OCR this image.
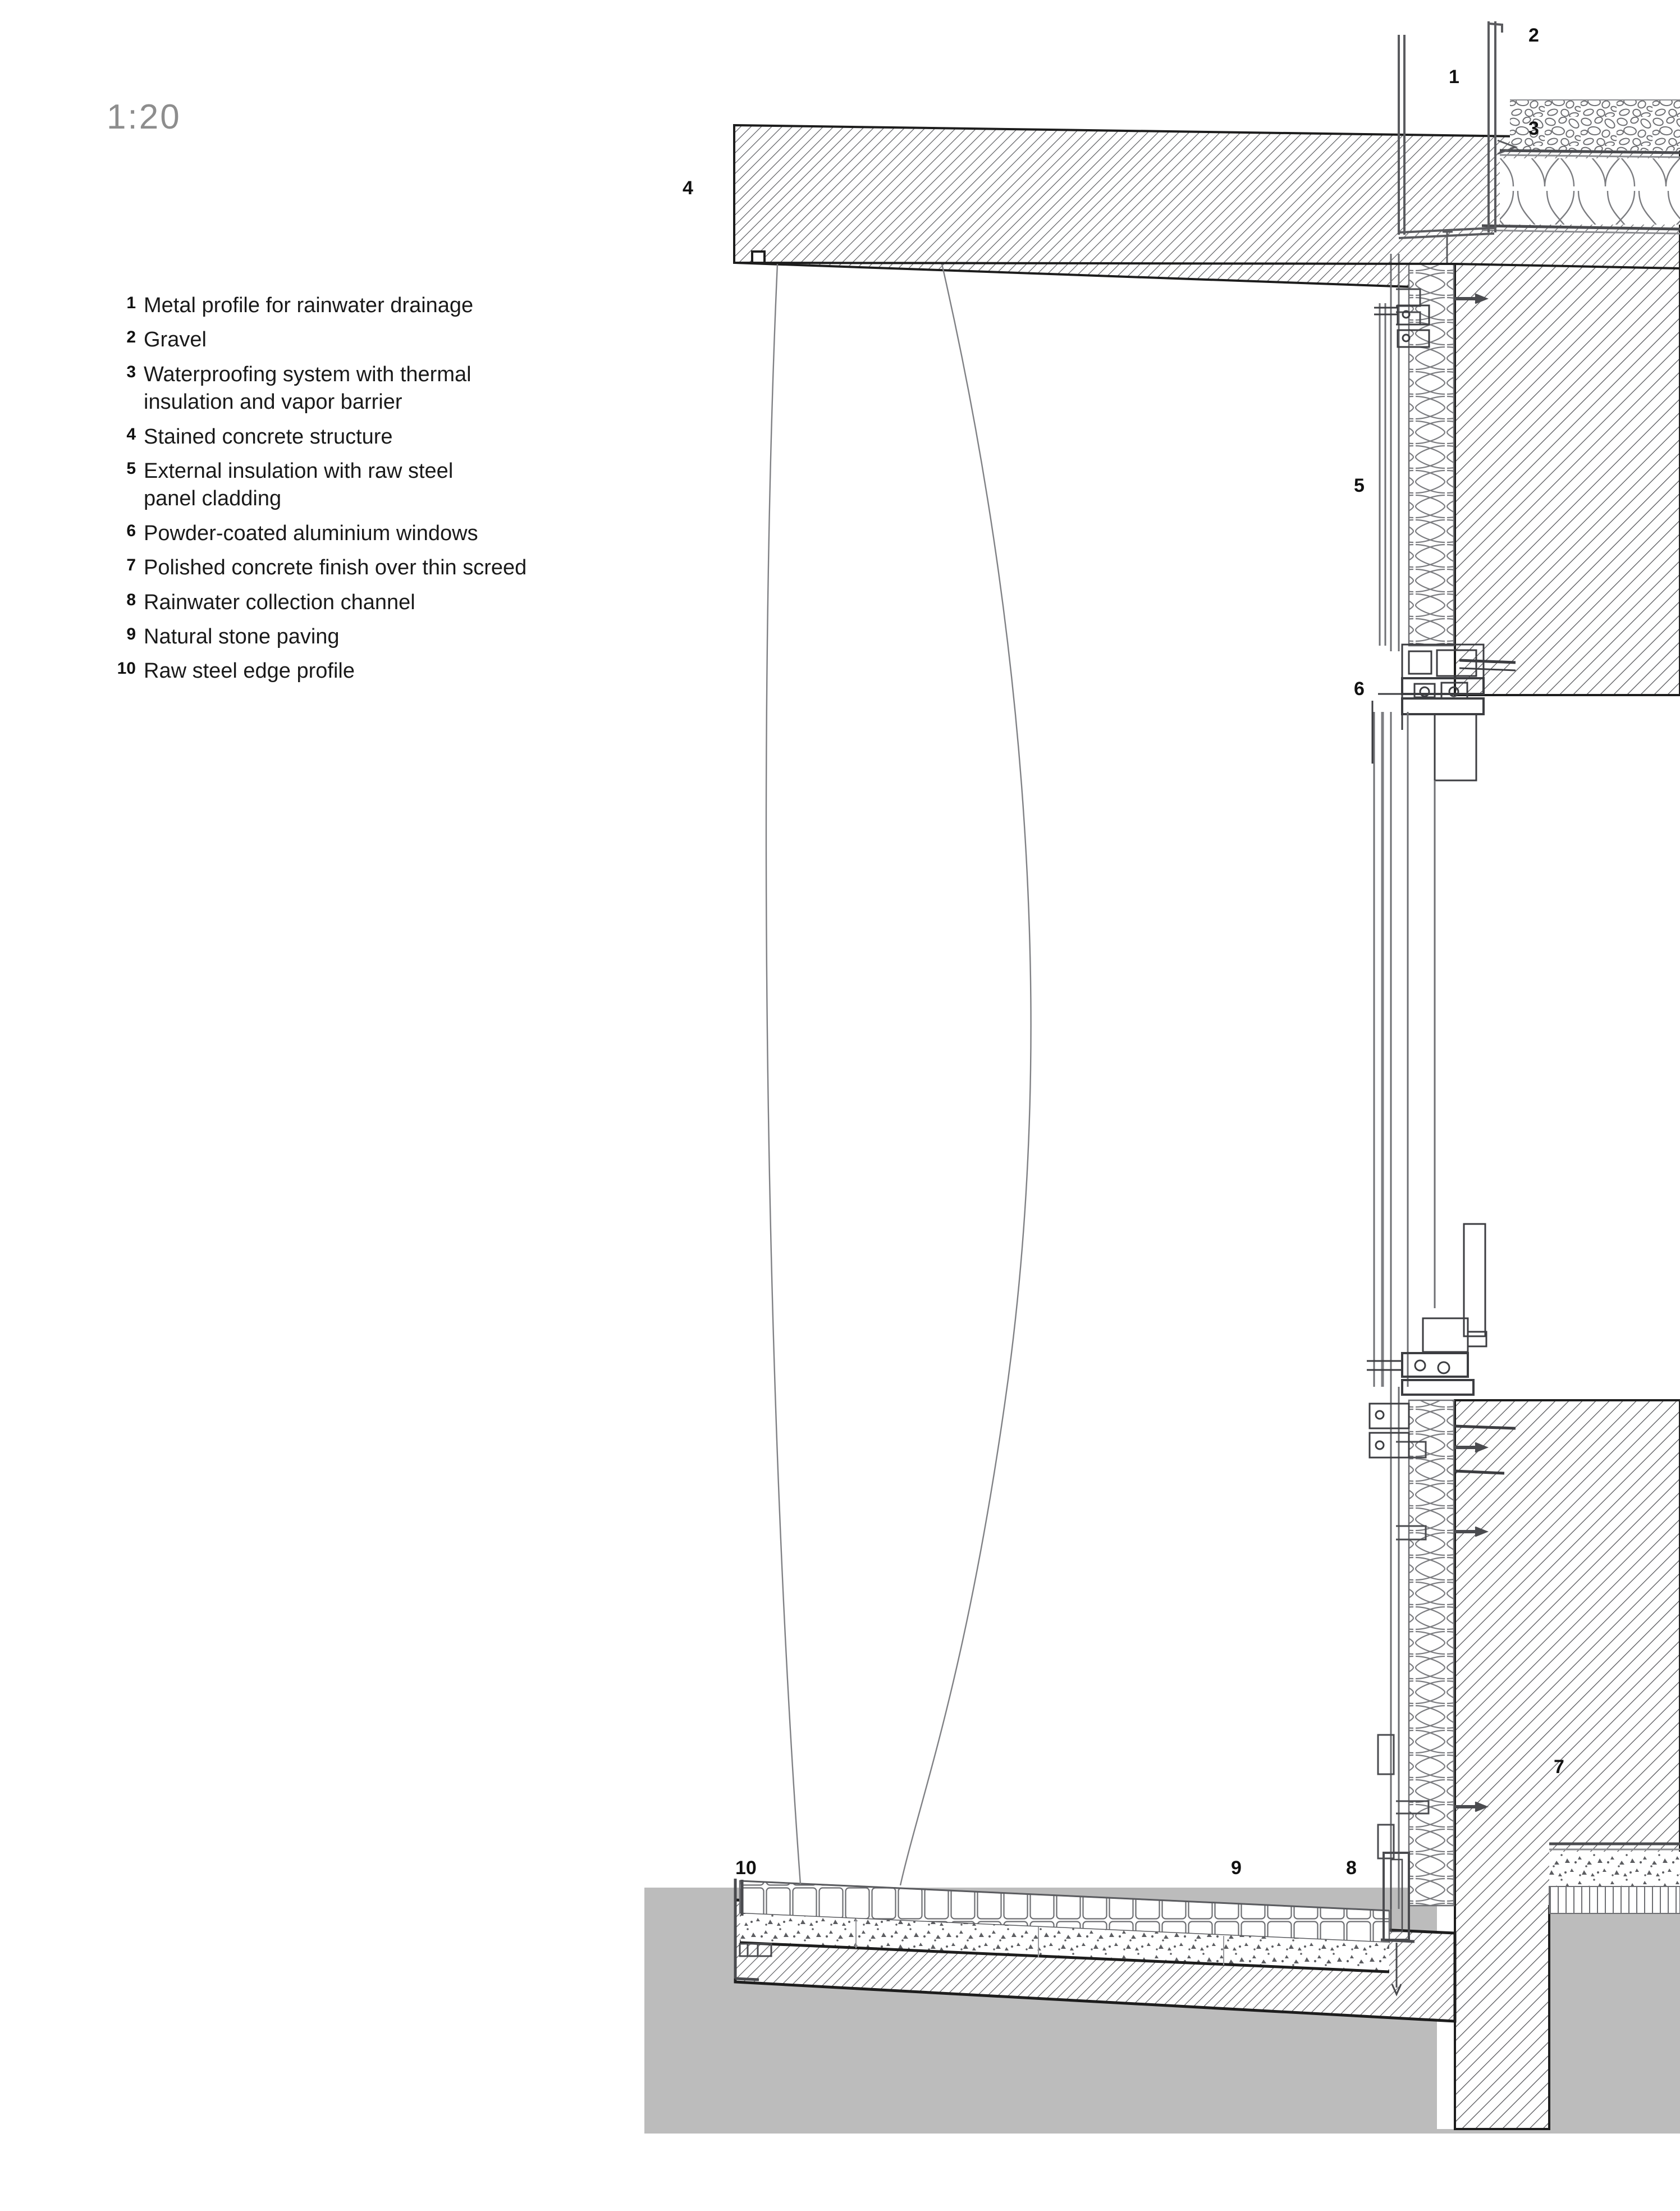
1:20
1 Metal profile for rainwater drainage
2 Gravel
3 Waterproofing system with thermal
insulation and vapor barrier
4 Stained concrete structure
5 External insulation with raw steel
panel cladding
6 Powder-coated aluminium windows
7 Polished concrete finish over thin screed
8 Rainwater collection channel
9 Natural stone paving
10 Raw steel edge profile
1
2
3
4
5
6
7
8
9
10
